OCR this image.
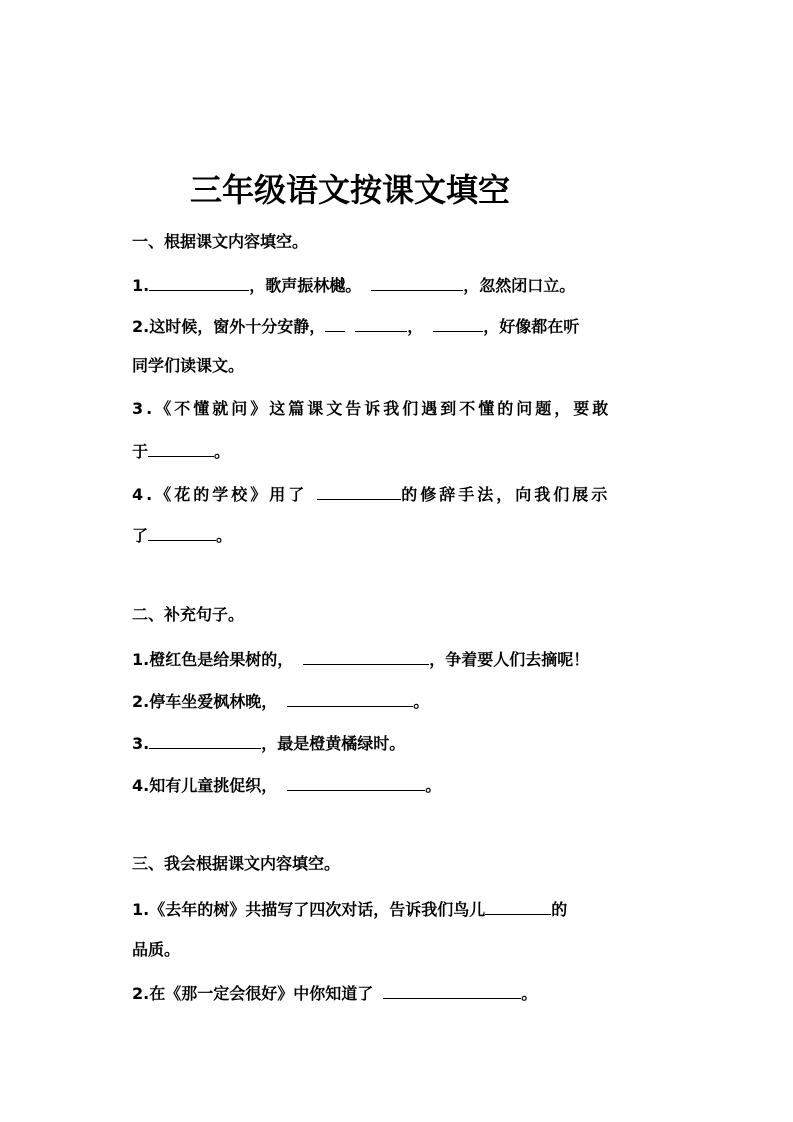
三年级语文按课文填空
一、根据课文内容填空。
1.	，歌声振林樾。	，忽然闭口立。
2.这时候，窗外十分安静，	，	，好像都在听
同学们读课文。
3.《不懂就问》这篇课文告诉我们遇到不懂的问题，要敢
于	。
4.《花的学校》用了	的修辞手法，向我们展示
了	。
二、补充句子。
1.橙红色是给果树的，	，争着要人们去摘呢！
2.停车坐爱枫林晚，	。
3.	，最是橙黄橘绿时。
4.知有儿童挑促织，	。
三、我会根据课文内容填空。
1.《去年的树》共描写了四次对话，告诉我们鸟儿	的
品质。
2.在《那一定会很好》中你知道了	。
